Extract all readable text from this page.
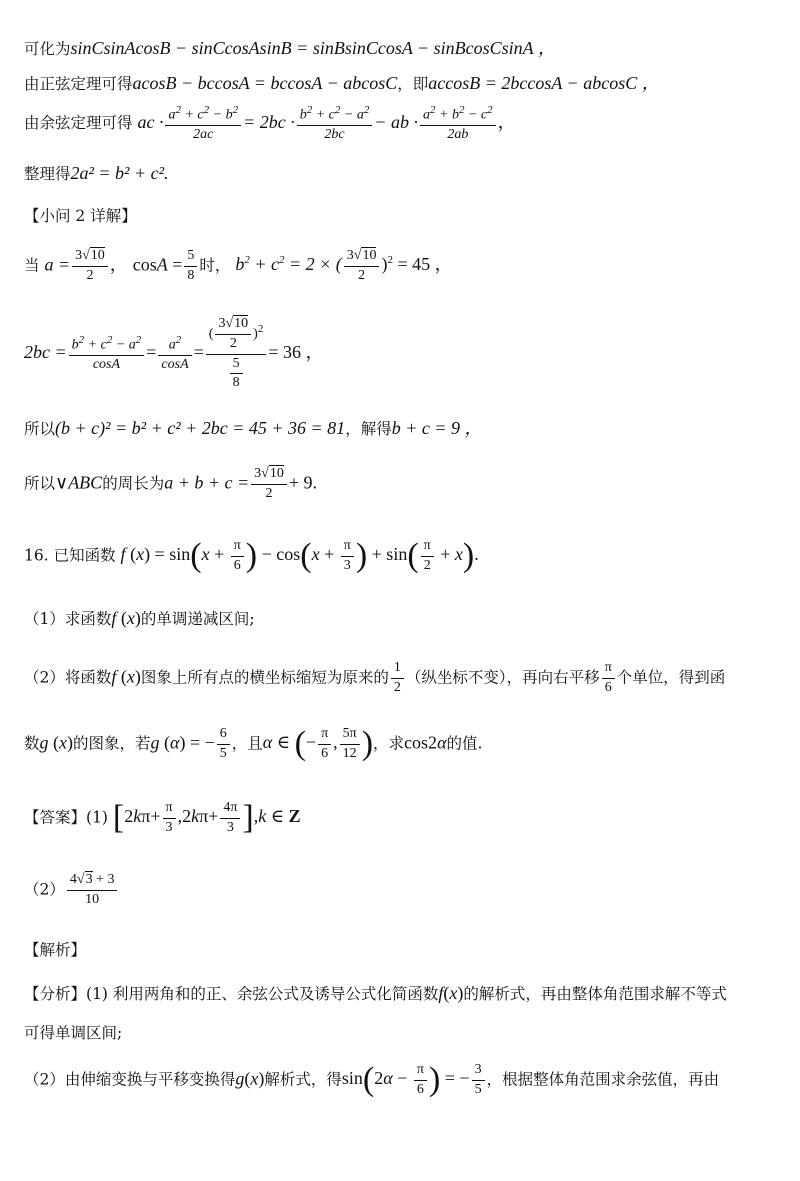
可化为sinCsinAcosB − sinCcosAsinB = sinBsinCcosA − sinBcosCsinA ，
由正弦定理可得acosB − bccosA = bccosA − abcosC，即accosB = 2bccosA − abcosC ，
由余弦定理可得 ac · $\frac{a^2 + c^2 - b^2}{2ac} = 2bc \cdot \frac{b^2 + c^2 - a^2}{2bc}$ − ab · $\frac{a^2 + b^2 - c^2}{2ab}$ ，
整理得2a² = b² + c².
【小问 2 详解】
当 $a = \frac{3√10}{2}$ ， $\cos A = \frac{5}{8}$ 时， $b^2 + c^2 = 2$ × ( $\frac{3√10}{2} )^2 = 45$ ，
$2bc = \frac{b^2 + c^2 - a^2}{\cos A} = \frac{a^2}{\cos A} = \frac{( \frac{3√10}{2} )^2}{\frac{5}{8}} = 36$ ，
所以(b + c)² = b² + c² + 2bc = 45 + 36 = 81，解得b + c = 9 ，
所以∨ABC的周长为$a + b + c = \frac{3√10}{2} + 9$.
16. 已知函数 f $(x) = \sin(x + \frac{\pi}{6}$ ) − $\cos(x + \frac{\pi}{3}$ ) + $\sin( \frac{\pi}{2} + x)$.
（1）求函数f (x)的单调递减区间;
（2）将函数f (x)图象上所有点的横坐标缩短为原来的 $\frac{1}{2}$ （纵坐标不变），再向右平移 $\frac{\pi}{6}$ 个单位，得到函
数g (x)的图象，若g (α) = − $\frac{6}{5}$ ，且α ∈ (− $\frac{\pi}{6}$ , $\frac{5\pi}{12}$ )，求cos2α的值.
【答案】(1) $[2k\pi+ \frac{\pi}{3} ,2k\pi+ \frac{4\pi}{3} ],k$ ∈ Z
$(2) \frac{4√3 + 3}{10}$
【解析】
【分析】(1) 利用两角和的正、余弦公式及诱导公式化简函数f(x)的解析式，再由整体角范围求解不等式
可得单调区间;
（2）由伸缩变换与平移变换得g(x)解析式，得$\sin(2\alpha - \frac{\pi}{6}$ ) = − $\frac{3}{5}$ ，根据整体角范围求余弦值，再由
